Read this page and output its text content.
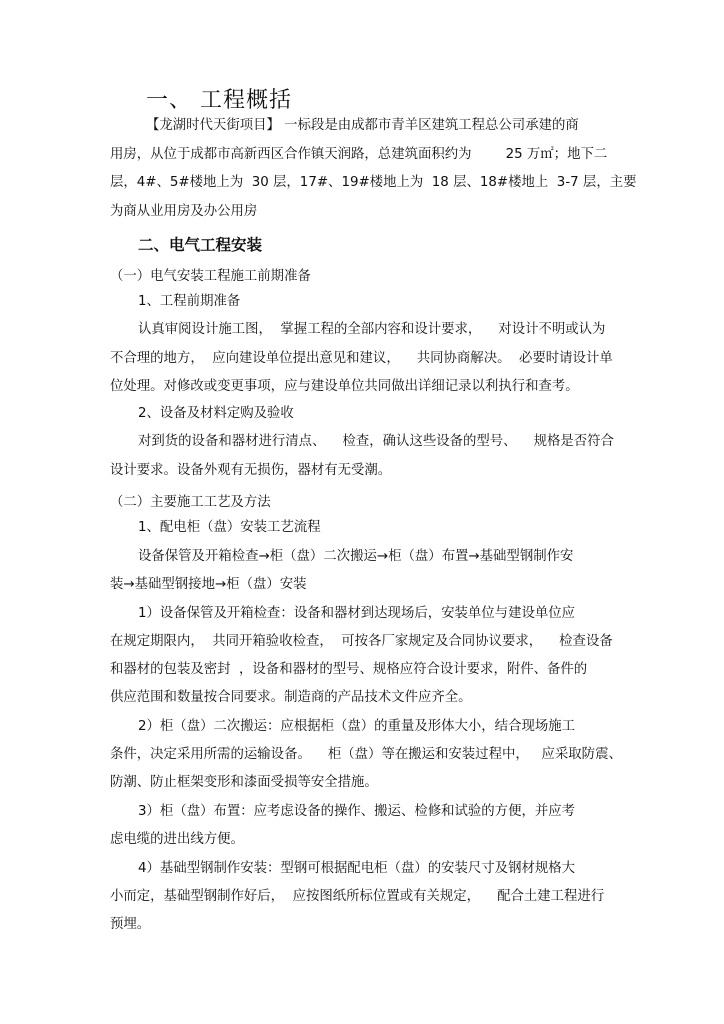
一、 工程概括

【龙湖时代天街项目】 一标段是由成都市青羊区建筑工程总公司承建的商

用房，从位于成都市高新西区合作镇天润路，总建筑面积约为        25 万㎡；地下二

层，4#、5#楼地上为  30 层，17#、19#楼地上为  18 层、18#楼地上  3-7 层，主要

为商从业用房及办公用房

二、电气工程安装

（一）电气安装工程施工前期准备

1、工程前期准备

认真审阅设计施工图，  掌握工程的全部内容和设计要求，    对设计不明或认为

不合理的地方，  应向建设单位提出意见和建议，    共同协商解决。  必要时请设计单

位处理。对修改或变更事项，应与建设单位共同做出详细记录以利执行和查考。

2、设备及材料定购及验收

对到货的设备和器材进行清点、    检查，确认这些设备的型号、    规格是否符合

设计要求。设备外观有无损伤，器材有无受潮。

（二）主要施工工艺及方法

1、配电柜（盘）安装工艺流程

设备保管及开箱检查→柜（盘）二次搬运→柜（盘）布置→基础型钢制作安

装→基础型钢接地→柜（盘）安装

1）设备保管及开箱检查：设备和器材到达现场后，安装单位与建设单位应

在规定期限内，  共同开箱验收检查，  可按各厂家规定及合同协议要求，    检查设备

和器材的包装及密封  ，设备和器材的型号、规格应符合设计要求，附件、备件的

供应范围和数量按合同要求。制造商的产品技术文件应齐全。

2）柜（盘）二次搬运：应根据柜（盘）的重量及形体大小，结合现场施工

条件，决定采用所需的运输设备。    柜（盘）等在搬运和安装过程中，   应采取防震、

防潮、防止框架变形和漆面受损等安全措施。

3）柜（盘）布置：应考虑设备的操作、搬运、检修和试验的方便，并应考

虑电缆的进出线方便。

4）基础型钢制作安装：型钢可根据配电柜（盘）的安装尺寸及钢材规格大

小而定，基础型钢制作好后，  应按图纸所标位置或有关规定，    配合土建工程进行

预埋。
